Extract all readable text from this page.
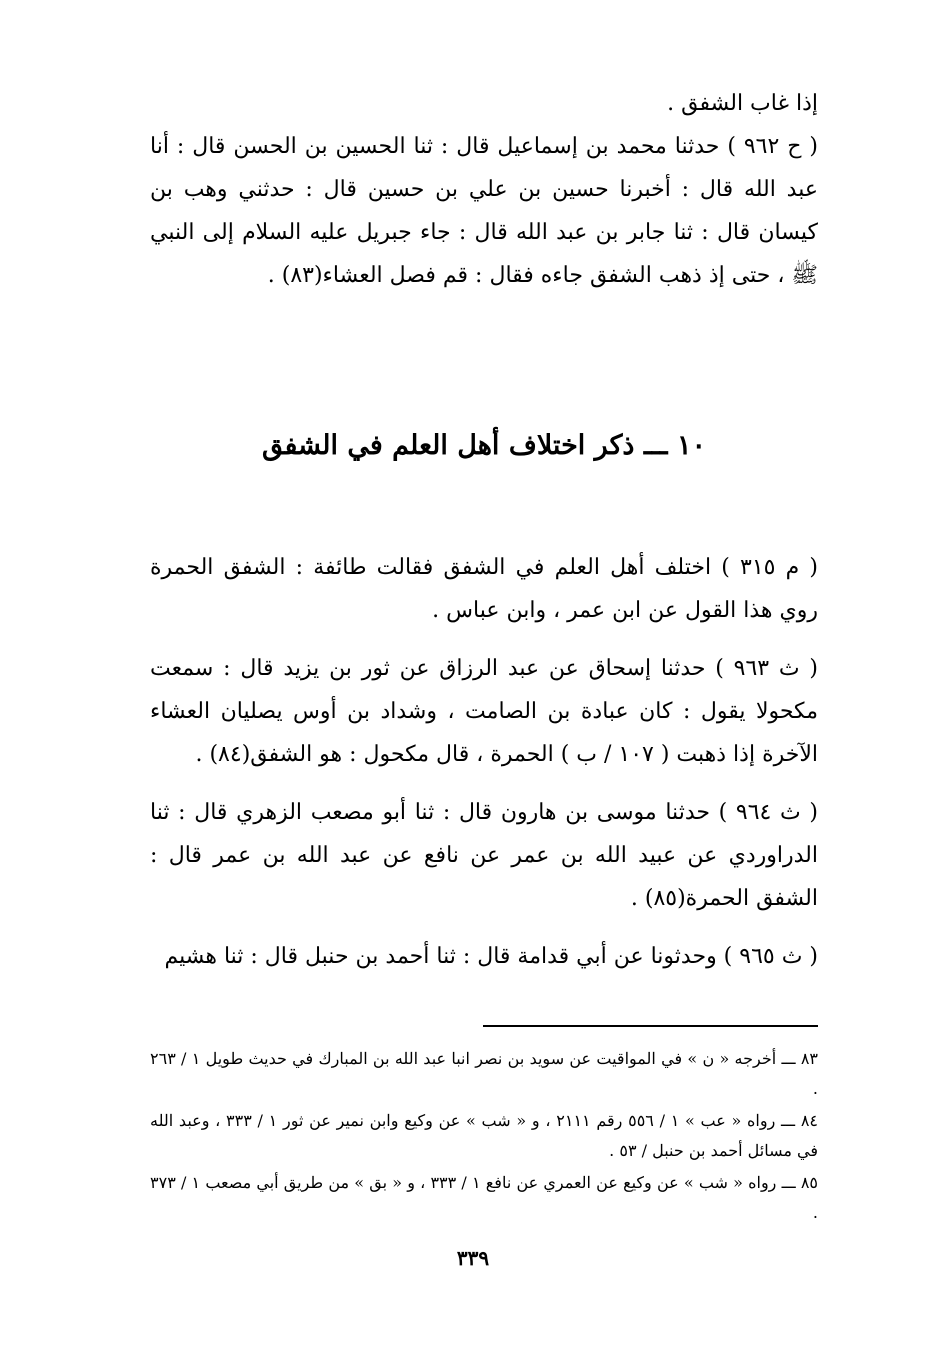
إذا غاب الشفق .

( ح ٩٦٢ ) حدثنا محمد بن إسماعيل قال : ثنا الحسين بن الحسن قال : أنا عبد الله قال : أخبرنا حسين بن علي بن حسين قال : حدثني وهب بن كيسان قال : ثنا جابر بن عبد الله قال : جاء جبريل عليه السلام إلى النبي ﷺ ، حتى إذ ذهب الشفق جاءه فقال : قم فصل العشاء(٨٣) .

١٠ ـــ ذكر اختلاف أهل العلم في الشفق

( م ٣١٥ ) اختلف أهل العلم في الشفق فقالت طائفة : الشفق الحمرة روي هذا القول عن ابن عمر ، وابن عباس .

( ث ٩٦٣ ) حدثنا إسحاق عن عبد الرزاق عن ثور بن يزيد قال : سمعت مكحولا يقول : كان عبادة بن الصامت ، وشداد بن أوس يصليان العشاء الآخرة إذا ذهبت ( ١٠٧ / ب ) الحمرة ، قال مكحول : هو الشفق(٨٤) .

( ث ٩٦٤ ) حدثنا موسى بن هارون قال : ثنا أبو مصعب الزهري قال : ثنا الدراوردي عن عبيد الله بن عمر عن نافع عن عبد الله بن عمر قال : الشفق الحمرة(٨٥) .

( ث ٩٦٥ ) وحدثونا عن أبي قدامة قال : ثنا أحمد بن حنبل قال : ثنا هشيم

٨٣ ـــ أخرجه « ن » في المواقيت عن سويد بن نصر انبا عبد الله بن المبارك في حديث طويل ١ / ٢٦٣ .

٨٤ ـــ رواه « عب » ١ / ٥٥٦ رقم ٢١١١ ، و « شب » عن وكيع وابن نمير عن ثور ١ / ٣٣٣ ، وعبد الله في مسائل أحمد بن حنبل / ٥٣ .

٨٥ ـــ رواه « شب » عن وكيع عن العمري عن نافع ١ / ٣٣٣ ، و « بق » من طريق أبي مصعب ١ / ٣٧٣ .

٣٣٩
